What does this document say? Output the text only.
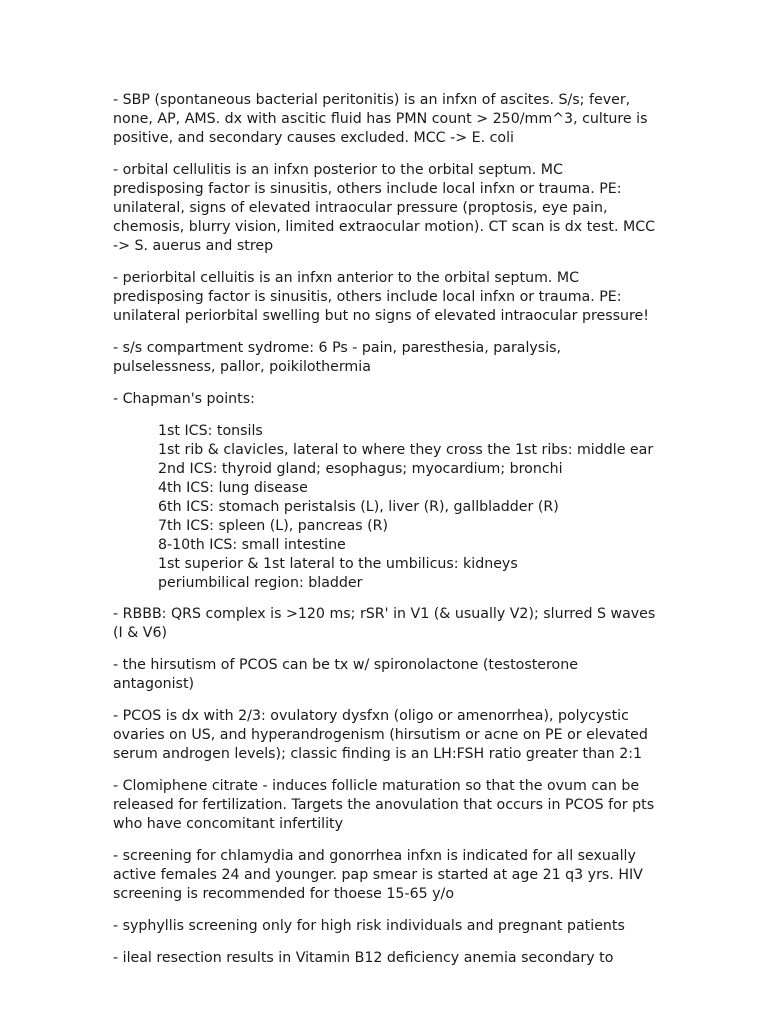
- SBP (spontaneous bacterial peritonitis) is an infxn of ascites. S/s; fever, none, AP, AMS. dx with ascitic fluid has PMN count > 250/mm^3, culture is positive, and secondary causes excluded. MCC -> E. coli

- orbital cellulitis is an infxn posterior to the orbital septum. MC predisposing factor is sinusitis, others include local infxn or trauma. PE: unilateral, signs of elevated intraocular pressure (proptosis, eye pain, chemosis, blurry vision, limited extraocular motion). CT scan is dx test. MCC -> S. auerus and strep

- periorbital celluitis is an infxn anterior to the orbital septum. MC predisposing factor is sinusitis, others include local infxn or trauma. PE: unilateral periorbital swelling but no signs of elevated intraocular pressure!

- s/s compartment sydrome: 6 Ps - pain, paresthesia, paralysis, pulselessness, pallor, poikilothermia

- Chapman's points:

1st ICS: tonsils
1st rib & clavicles, lateral to where they cross the 1st ribs: middle ear
2nd ICS: thyroid gland; esophagus; myocardium; bronchi
4th ICS: lung disease
6th ICS: stomach peristalsis (L), liver (R), gallbladder (R)
7th ICS: spleen (L), pancreas (R)
8-10th ICS: small intestine
1st superior & 1st lateral to the umbilicus: kidneys
periumbilical region: bladder

- RBBB: QRS complex is >120 ms; rSR' in V1 (& usually V2); slurred S waves (I & V6)

- the hirsutism of PCOS can be tx w/ spironolactone (testosterone antagonist)

- PCOS is dx with 2/3: ovulatory dysfxn (oligo or amenorrhea), polycystic ovaries on US, and hyperandrogenism (hirsutism or acne on PE or elevated serum androgen levels); classic finding is an LH:FSH ratio greater than 2:1

- Clomiphene citrate - induces follicle maturation so that the ovum can be released for fertilization. Targets the anovulation that occurs in PCOS for pts who have concomitant infertility

- screening for chlamydia and gonorrhea infxn is indicated for all sexually active females 24 and younger. pap smear is started at age 21 q3 yrs. HIV screening is recommended for thoese 15-65 y/o

- syphyllis screening only for high risk individuals and pregnant patients

- ileal resection results in Vitamin B12 deficiency anemia secondary to
